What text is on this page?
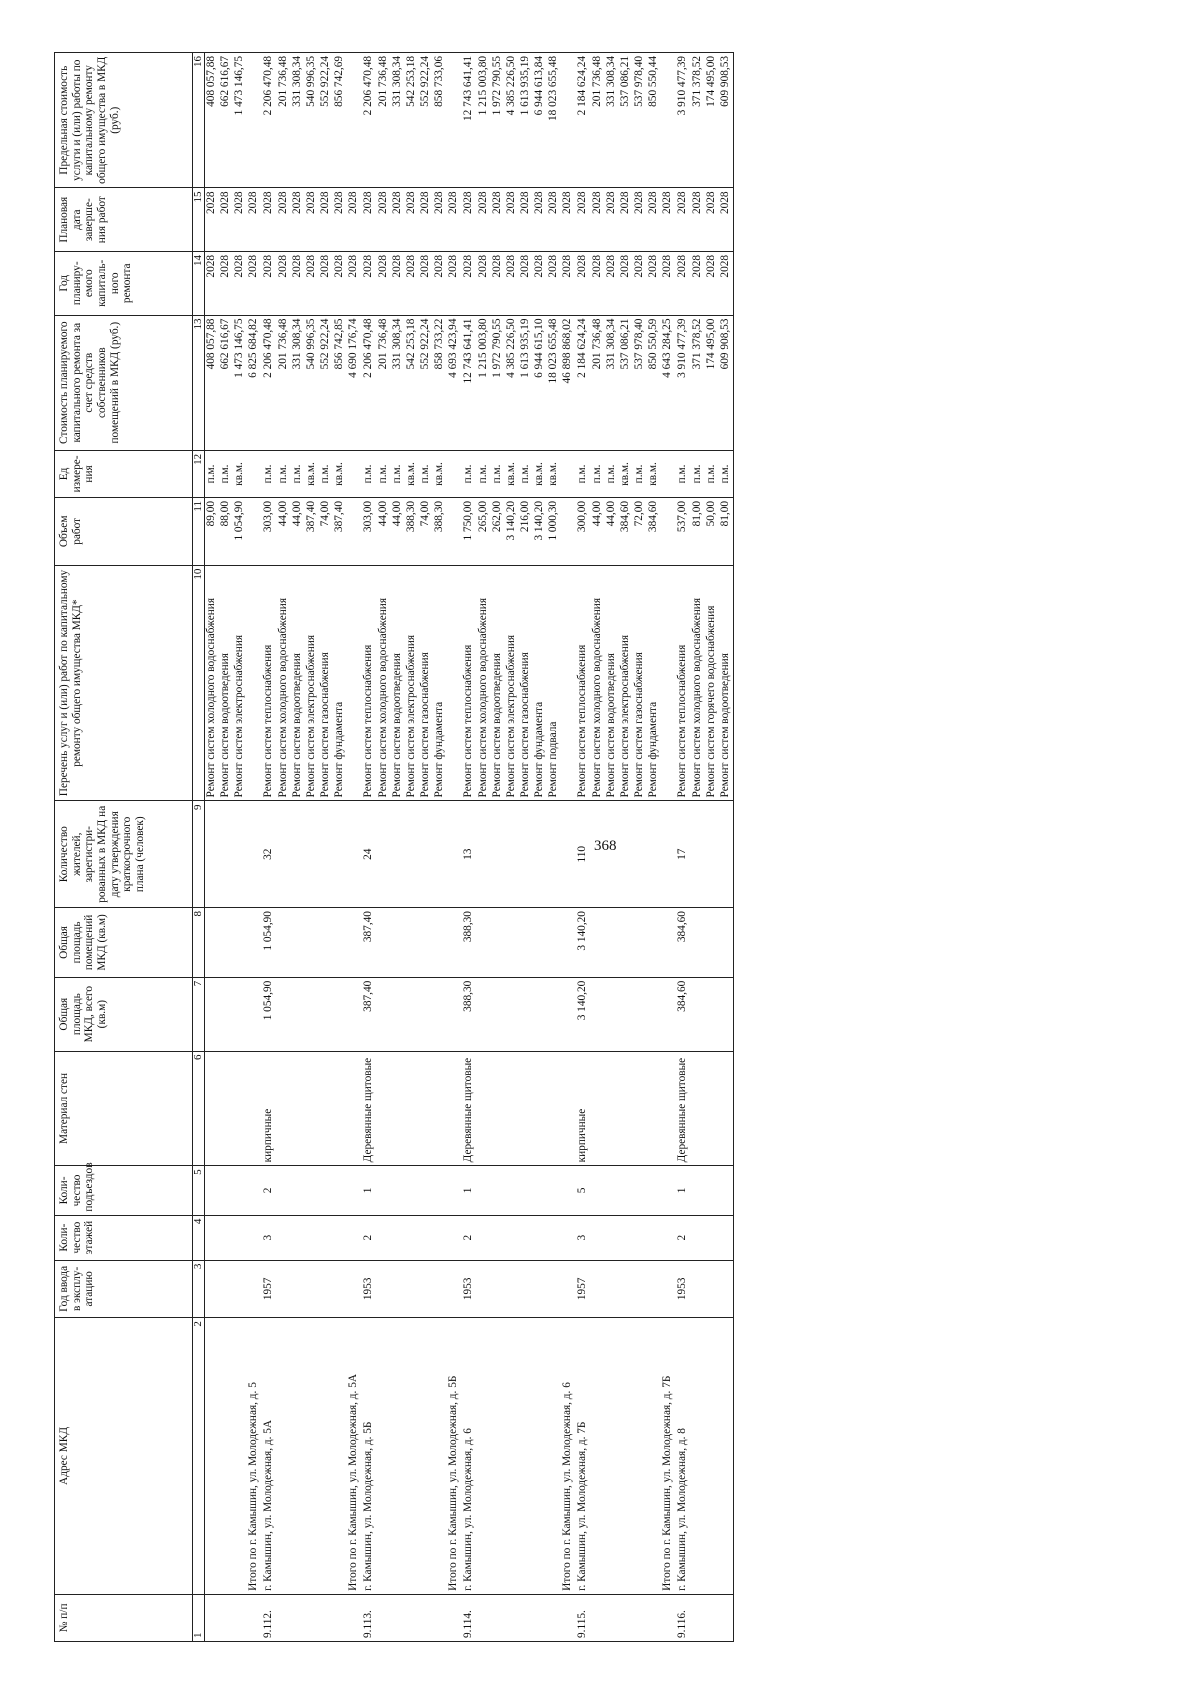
368
№ п/п	Адрес МКД	Год ввода в эксплу-атацию	Коли-чество этажей	Коли-чество подъездов	Материал стен	Общая площадь МКД, всего (кв.м)	Общая площадь помещений МКД (кв.м)	Количество жителей, зарегистри-рованных в МКД на дату утверждения краткосрочного плана (человек)	Перечень услуг и (или) работ по капитальному ремонту общего имущества МКД*	Объем работ	Ед измере-ния	Стоимость планируемого капитального ремонта за счет средств собственников помещений в МКД (руб.)	Год планиру-емого капиталь-ного ремонта	Плановая дата заверше-ния работ	Предельная стоимость услуги и (или) работы по капитальному ремонту общего имущества в МКД (руб.)
1	2	3	4	5	6	7	8	9	10	11	12	13	14	15	16
									Ремонт систем холодного водоснабжения	89,00	п.м.	408 057,88	2028	2028	408 057,88
									Ремонт систем водоотведения	88,00	п.м.	662 616,67	2028	2028	662 616,67
									Ремонт систем электроснабжения	1 054,90	кв.м.	1 473 146,75	2028	2028	1 473 146,75
	Итого по г. Камышин, ул. Молодежная, д. 5											6 825 684,82	2028	2028	
9.112.	г. Камышин, ул. Молодежная, д. 5А	1957	3	2	кирпичные	1 054,90	1 054,90	32	Ремонт систем теплоснабжения	303,00	п.м.	2 206 470,48	2028	2028	2 206 470,48
									Ремонт систем холодного водоснабжения	44,00	п.м.	201 736,48	2028	2028	201 736,48
									Ремонт систем водоотведения	44,00	п.м.	331 308,34	2028	2028	331 308,34
									Ремонт систем электроснабжения	387,40	кв.м.	540 996,35	2028	2028	540 996,35
									Ремонт систем газоснабжения	74,00	п.м.	552 922,24	2028	2028	552 922,24
									Ремонт фундамента	387,40	кв.м.	856 742,85	2028	2028	856 742,69
	Итого по г. Камышин, ул. Молодежная, д. 5А											4 690 176,74	2028	2028	
9.113.	г. Камышин, ул. Молодежная, д. 5Б	1953	2	1	Деревянные щитовые	387,40	387,40	24	Ремонт систем теплоснабжения	303,00	п.м.	2 206 470,48	2028	2028	2 206 470,48
									Ремонт систем холодного водоснабжения	44,00	п.м.	201 736,48	2028	2028	201 736,48
									Ремонт систем водоотведения	44,00	п.м.	331 308,34	2028	2028	331 308,34
									Ремонт систем электроснабжения	388,30	кв.м.	542 253,18	2028	2028	542 253,18
									Ремонт систем газоснабжения	74,00	п.м.	552 922,24	2028	2028	552 922,24
									Ремонт фундамента	388,30	кв.м.	858 733,22	2028	2028	858 733,06
	Итого по г. Камышин, ул. Молодежная, д. 5Б											4 693 423,94	2028	2028	
9.114.	г. Камышин, ул. Молодежная, д. 6	1953	2	1	Деревянные щитовые	388,30	388,30	13	Ремонт систем теплоснабжения	1 750,00	п.м.	12 743 641,41	2028	2028	12 743 641,41
									Ремонт систем холодного водоснабжения	265,00	п.м.	1 215 003,80	2028	2028	1 215 003,80
									Ремонт систем водоотведения	262,00	п.м.	1 972 790,55	2028	2028	1 972 790,55
									Ремонт систем электроснабжения	3 140,20	кв.м.	4 385 226,50	2028	2028	4 385 226,50
									Ремонт систем газоснабжения	216,00	п.м.	1 613 935,19	2028	2028	1 613 935,19
									Ремонт фундамента	3 140,20	кв.м.	6 944 615,10	2028	2028	6 944 613,84
									Ремонт подвала	1 000,30	кв.м.	18 023 655,48	2028	2028	18 023 655,48
	Итого по г. Камышин, ул. Молодежная, д. 6											46 898 868,02	2028	2028	
9.115.	г. Камышин, ул. Молодежная, д. 7Б	1957	3	5	кирпичные	3 140,20	3 140,20	110	Ремонт систем теплоснабжения	300,00	п.м.	2 184 624,24	2028	2028	2 184 624,24
									Ремонт систем холодного водоснабжения	44,00	п.м.	201 736,48	2028	2028	201 736,48
									Ремонт систем водоотведения	44,00	п.м.	331 308,34	2028	2028	331 308,34
									Ремонт систем электроснабжения	384,60	кв.м.	537 086,21	2028	2028	537 086,21
									Ремонт систем газоснабжения	72,00	п.м.	537 978,40	2028	2028	537 978,40
									Ремонт фундамента	384,60	кв.м.	850 550,59	2028	2028	850 550,44
	Итого по г. Камышин, ул. Молодежная, д. 7Б											4 643 284,25	2028	2028	
9.116.	г. Камышин, ул. Молодежная, д. 8	1953	2	1	Деревянные щитовые	384,60	384,60	17	Ремонт систем теплоснабжения	537,00	п.м.	3 910 477,39	2028	2028	3 910 477,39
									Ремонт систем холодного водоснабжения	81,00	п.м.	371 378,52	2028	2028	371 378,52
									Ремонт систем горячего водоснабжения	50,00	п.м.	174 495,00	2028	2028	174 495,00
									Ремонт систем водоотведения	81,00	п.м.	609 908,53	2028	2028	609 908,53
